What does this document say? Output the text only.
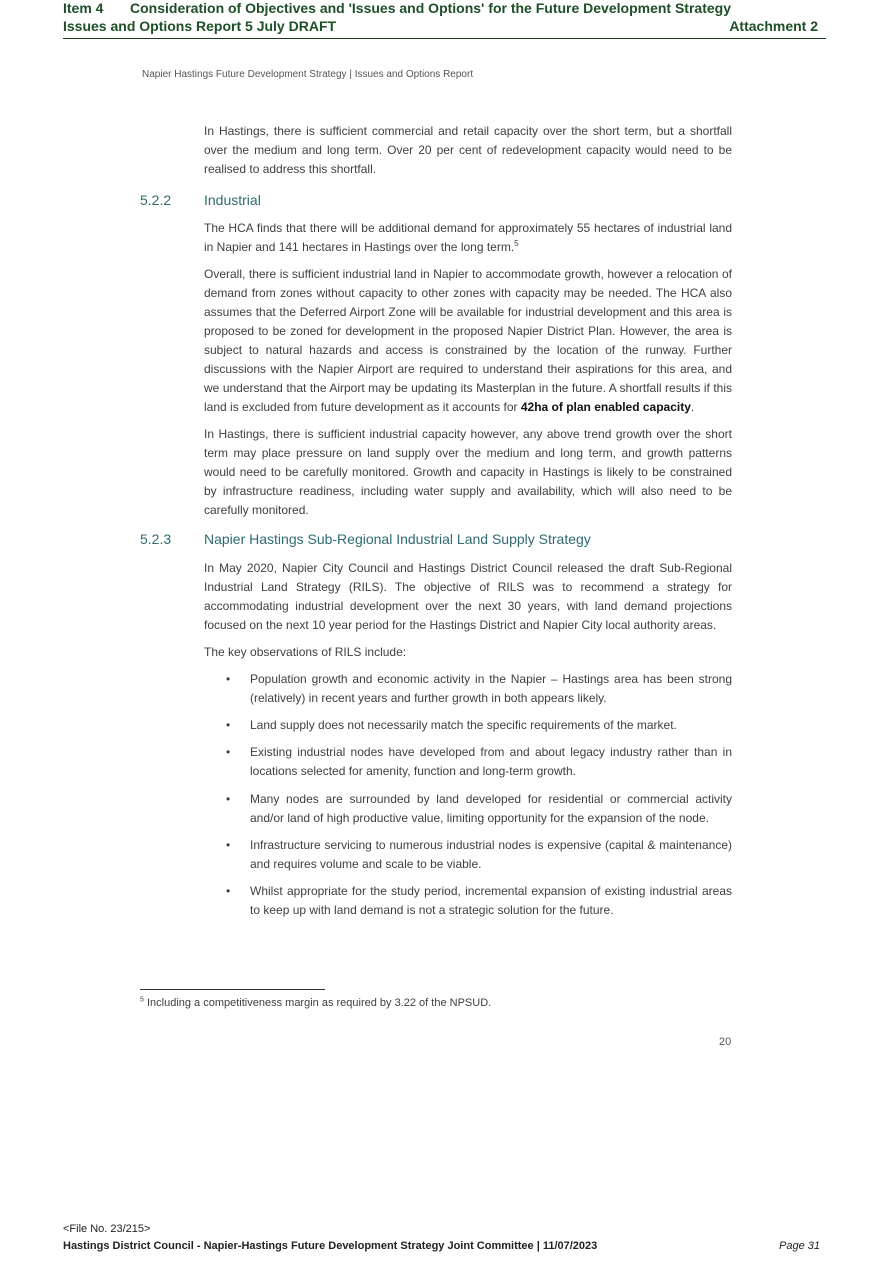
Item 4 Consideration of Objectives and 'Issues and Options' for the Future Development Strategy
Issues and Options Report 5 July DRAFT	Attachment 2
Napier Hastings Future Development Strategy | Issues and Options Report

In Hastings, there is sufficient commercial and retail capacity over the short term, but a shortfall over the medium and long term. Over 20 per cent of redevelopment capacity would need to be realised to address this shortfall.

5.2.2 Industrial

The HCA finds that there will be additional demand for approximately 55 hectares of industrial land in Napier and 141 hectares in Hastings over the long term.$^5$

Overall, there is sufficient industrial land in Napier to accommodate growth, however a relocation of demand from zones without capacity to other zones with capacity may be needed. The HCA also assumes that the Deferred Airport Zone will be available for industrial development and this area is proposed to be zoned for development in the proposed Napier District Plan. However, the area is subject to natural hazards and access is constrained by the location of the runway. Further discussions with the Napier Airport are required to understand their aspirations for this area, and we understand that the Airport may be updating its Masterplan in the future. A shortfall results if this land is excluded from future development as it accounts for 42ha of plan enabled capacity.

In Hastings, there is sufficient industrial capacity however, any above trend growth over the short term may place pressure on land supply over the medium and long term, and growth patterns would need to be carefully monitored. Growth and capacity in Hastings is likely to be constrained by infrastructure readiness, including water supply and availability, which will also need to be carefully monitored.

5.2.3 Napier Hastings Sub-Regional Industrial Land Supply Strategy

In May 2020, Napier City Council and Hastings District Council released the draft Sub-Regional Industrial Land Strategy (RILS). The objective of RILS was to recommend a strategy for accommodating industrial development over the next 30 years, with land demand projections focused on the next 10 year period for the Hastings District and Napier City local authority areas.

The key observations of RILS include:

• Population growth and economic activity in the Napier – Hastings area has been strong (relatively) in recent years and further growth in both appears likely.
• Land supply does not necessarily match the specific requirements of the market.
• Existing industrial nodes have developed from and about legacy industry rather than in locations selected for amenity, function and long-term growth.
• Many nodes are surrounded by land developed for residential or commercial activity and/or land of high productive value, limiting opportunity for the expansion of the node.
• Infrastructure servicing to numerous industrial nodes is expensive (capital & maintenance) and requires volume and scale to be viable.
• Whilst appropriate for the study period, incremental expansion of existing industrial areas to keep up with land demand is not a strategic solution for the future.
$^5$ Including a competitiveness margin as required by 3.22 of the NPSUD.
20
<File No. 23/215>
Hastings District Council - Napier-Hastings Future Development Strategy Joint Committee | 11/07/2023	Page 31
